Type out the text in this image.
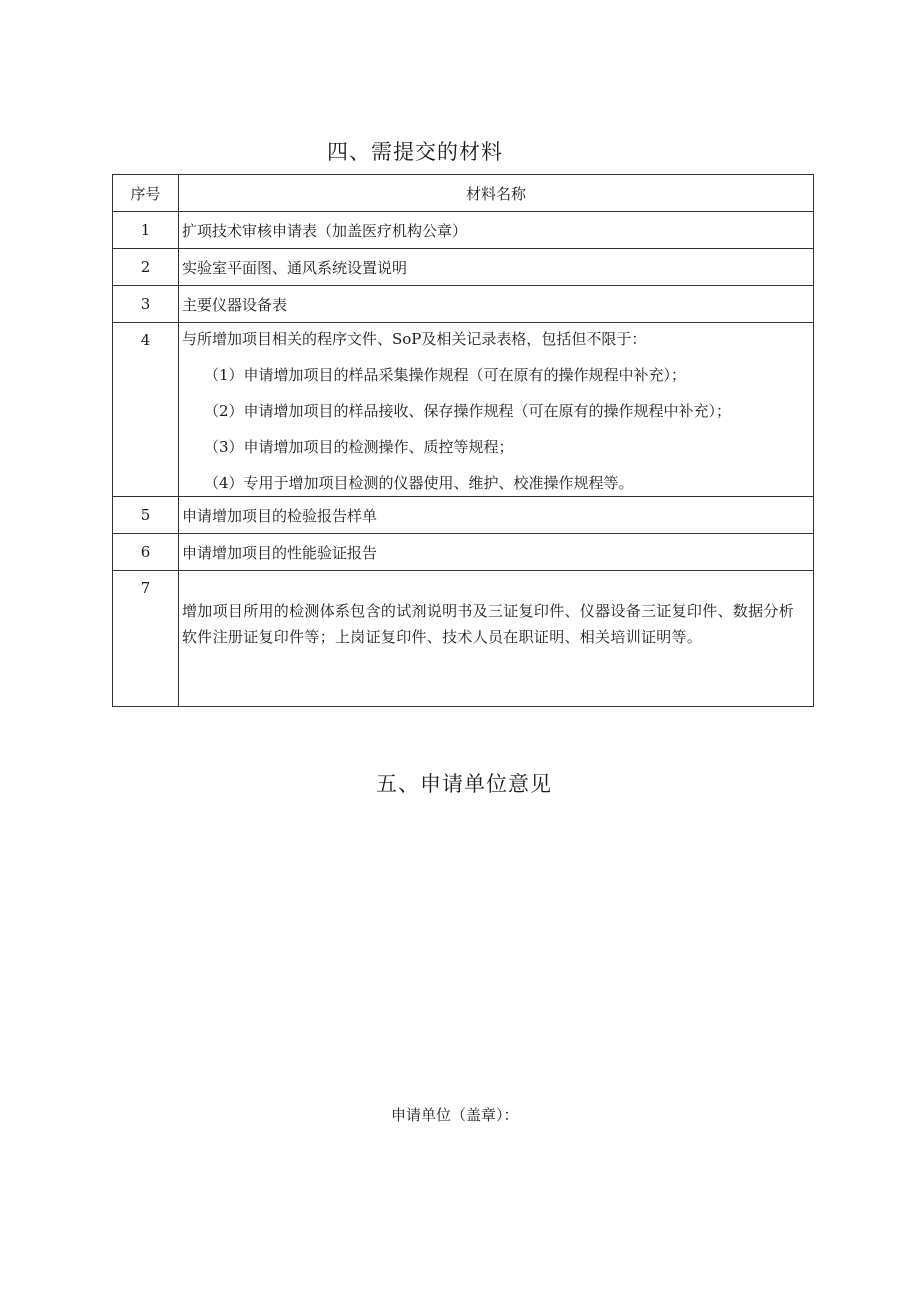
四、需提交的材料
序号	材料名称
1	扩项技术审核申请表（加盖医疗机构公章）
2	实验室平面图、通风系统设置说明
3	主要仪器设备表
4	与所增加项目相关的程序文件、SoP及相关记录表格，包括但不限于：
（1）申请增加项目的样品采集操作规程（可在原有的操作规程中补充）；
（2）申请增加项目的样品接收、保存操作规程（可在原有的操作规程中补充）；
（3）申请增加项目的检测操作、质控等规程；
（4）专用于增加项目检测的仪器使用、维护、校准操作规程等。

5	申请增加项目的检验报告样单
6	申请增加项目的性能验证报告
7	增加项目所用的检测体系包含的试剂说明书及三证复印件、仪器设备三证复印件、数据分析软件注册证复印件等；上岗证复印件、技术人员在职证明、相关培训证明等。
五、申请单位意见

申请单位（盖章）：
